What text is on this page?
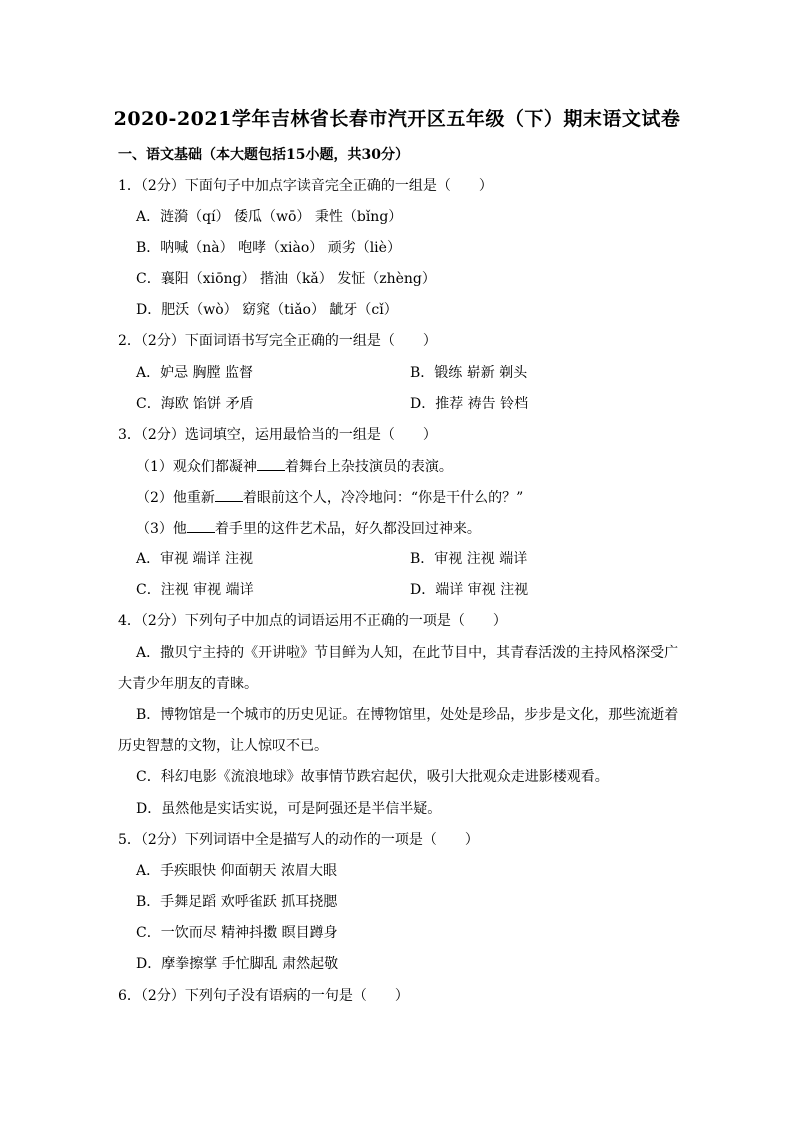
2020-2021学年吉林省长春市汽开区五年级（下）期末语文试卷
一、语文基础（本大题包括15小题，共30分）
1．（2分）下面句子中加点字读音完全正确的一组是（　　）
A．涟漪（qí） 倭瓜（wō） 秉性（bǐng）
B．呐喊（nà） 咆哮（xiào） 顽劣（liè）
C．襄阳（xiōng） 揩油（kǎ） 发怔（zhèng）
D．肥沃（wò） 窈窕（tiǎo） 龇牙（cǐ）
2．（2分）下面词语书写完全正确的一组是（　　）
A．妒忌 胸膛 监督	B．锻练 崭新 剃头
C．海欧 馅饼 矛盾	D．推荐 祷告 铃档
3．（2分）选词填空，运用最恰当的一组是（　　）
（1）观众们都凝神 着舞台上杂技演员的表演。
（2）他重新 着眼前这个人，冷冷地问：“你是干什么的？”
（3）他 着手里的这件艺术品，好久都没回过神来。
A．审视 端详 注视	B．审视 注视 端详
C．注视 审视 端详	D．端详 审视 注视
4．（2分）下列句子中加点的词语运用不正确的一项是（　　）
A．撒贝宁主持的《开讲啦》节目鲜为人知，在此节目中，其青春活泼的主持风格深受广
大青少年朋友的青睐。
B．博物馆是一个城市的历史见证。在博物馆里，处处是珍品，步步是文化，那些流逝着
历史智慧的文物，让人惊叹不已。
C．科幻电影《流浪地球》故事情节跌宕起伏，吸引大批观众走进影楼观看。
D．虽然他是实话实说，可是阿强还是半信半疑。
5．（2分）下列词语中全是描写人的动作的一项是（　　）
A．手疾眼快 仰面朝天 浓眉大眼
B．手舞足蹈 欢呼雀跃 抓耳挠腮
C．一饮而尽 精神抖擞 瞑目蹲身
D．摩拳擦掌 手忙脚乱 肃然起敬
6．（2分）下列句子没有语病的一句是（　　）
